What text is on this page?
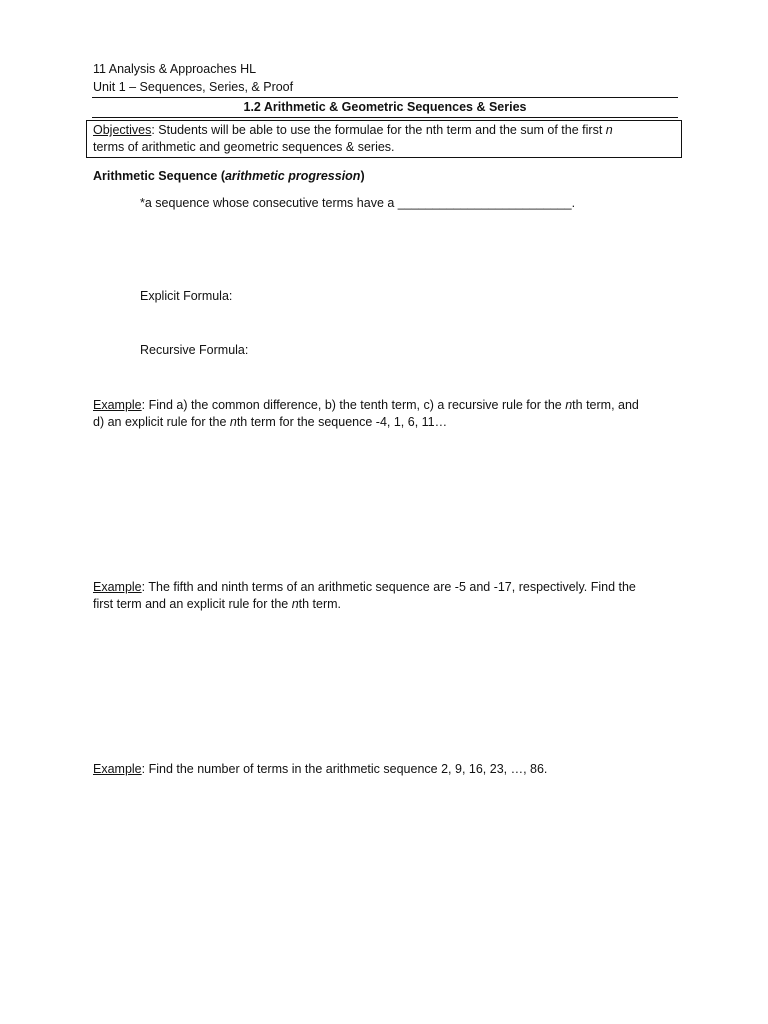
11 Analysis & Approaches HL
Unit 1 – Sequences, Series, & Proof
1.2 Arithmetic & Geometric Sequences & Series
Objectives: Students will be able to use the formulae for the nth term and the sum of the first n
terms of arithmetic and geometric sequences & series.
Arithmetic Sequence (arithmetic progression)
*a sequence whose consecutive terms have a _________________________.
Explicit Formula:
Recursive Formula:
Example: Find a) the common difference, b) the tenth term, c) a recursive rule for the nth term, and
d) an explicit rule for the nth term for the sequence -4, 1, 6, 11…
Example: The fifth and ninth terms of an arithmetic sequence are -5 and -17, respectively. Find the
first term and an explicit rule for the nth term.
Example: Find the number of terms in the arithmetic sequence 2, 9, 16, 23, …, 86.
